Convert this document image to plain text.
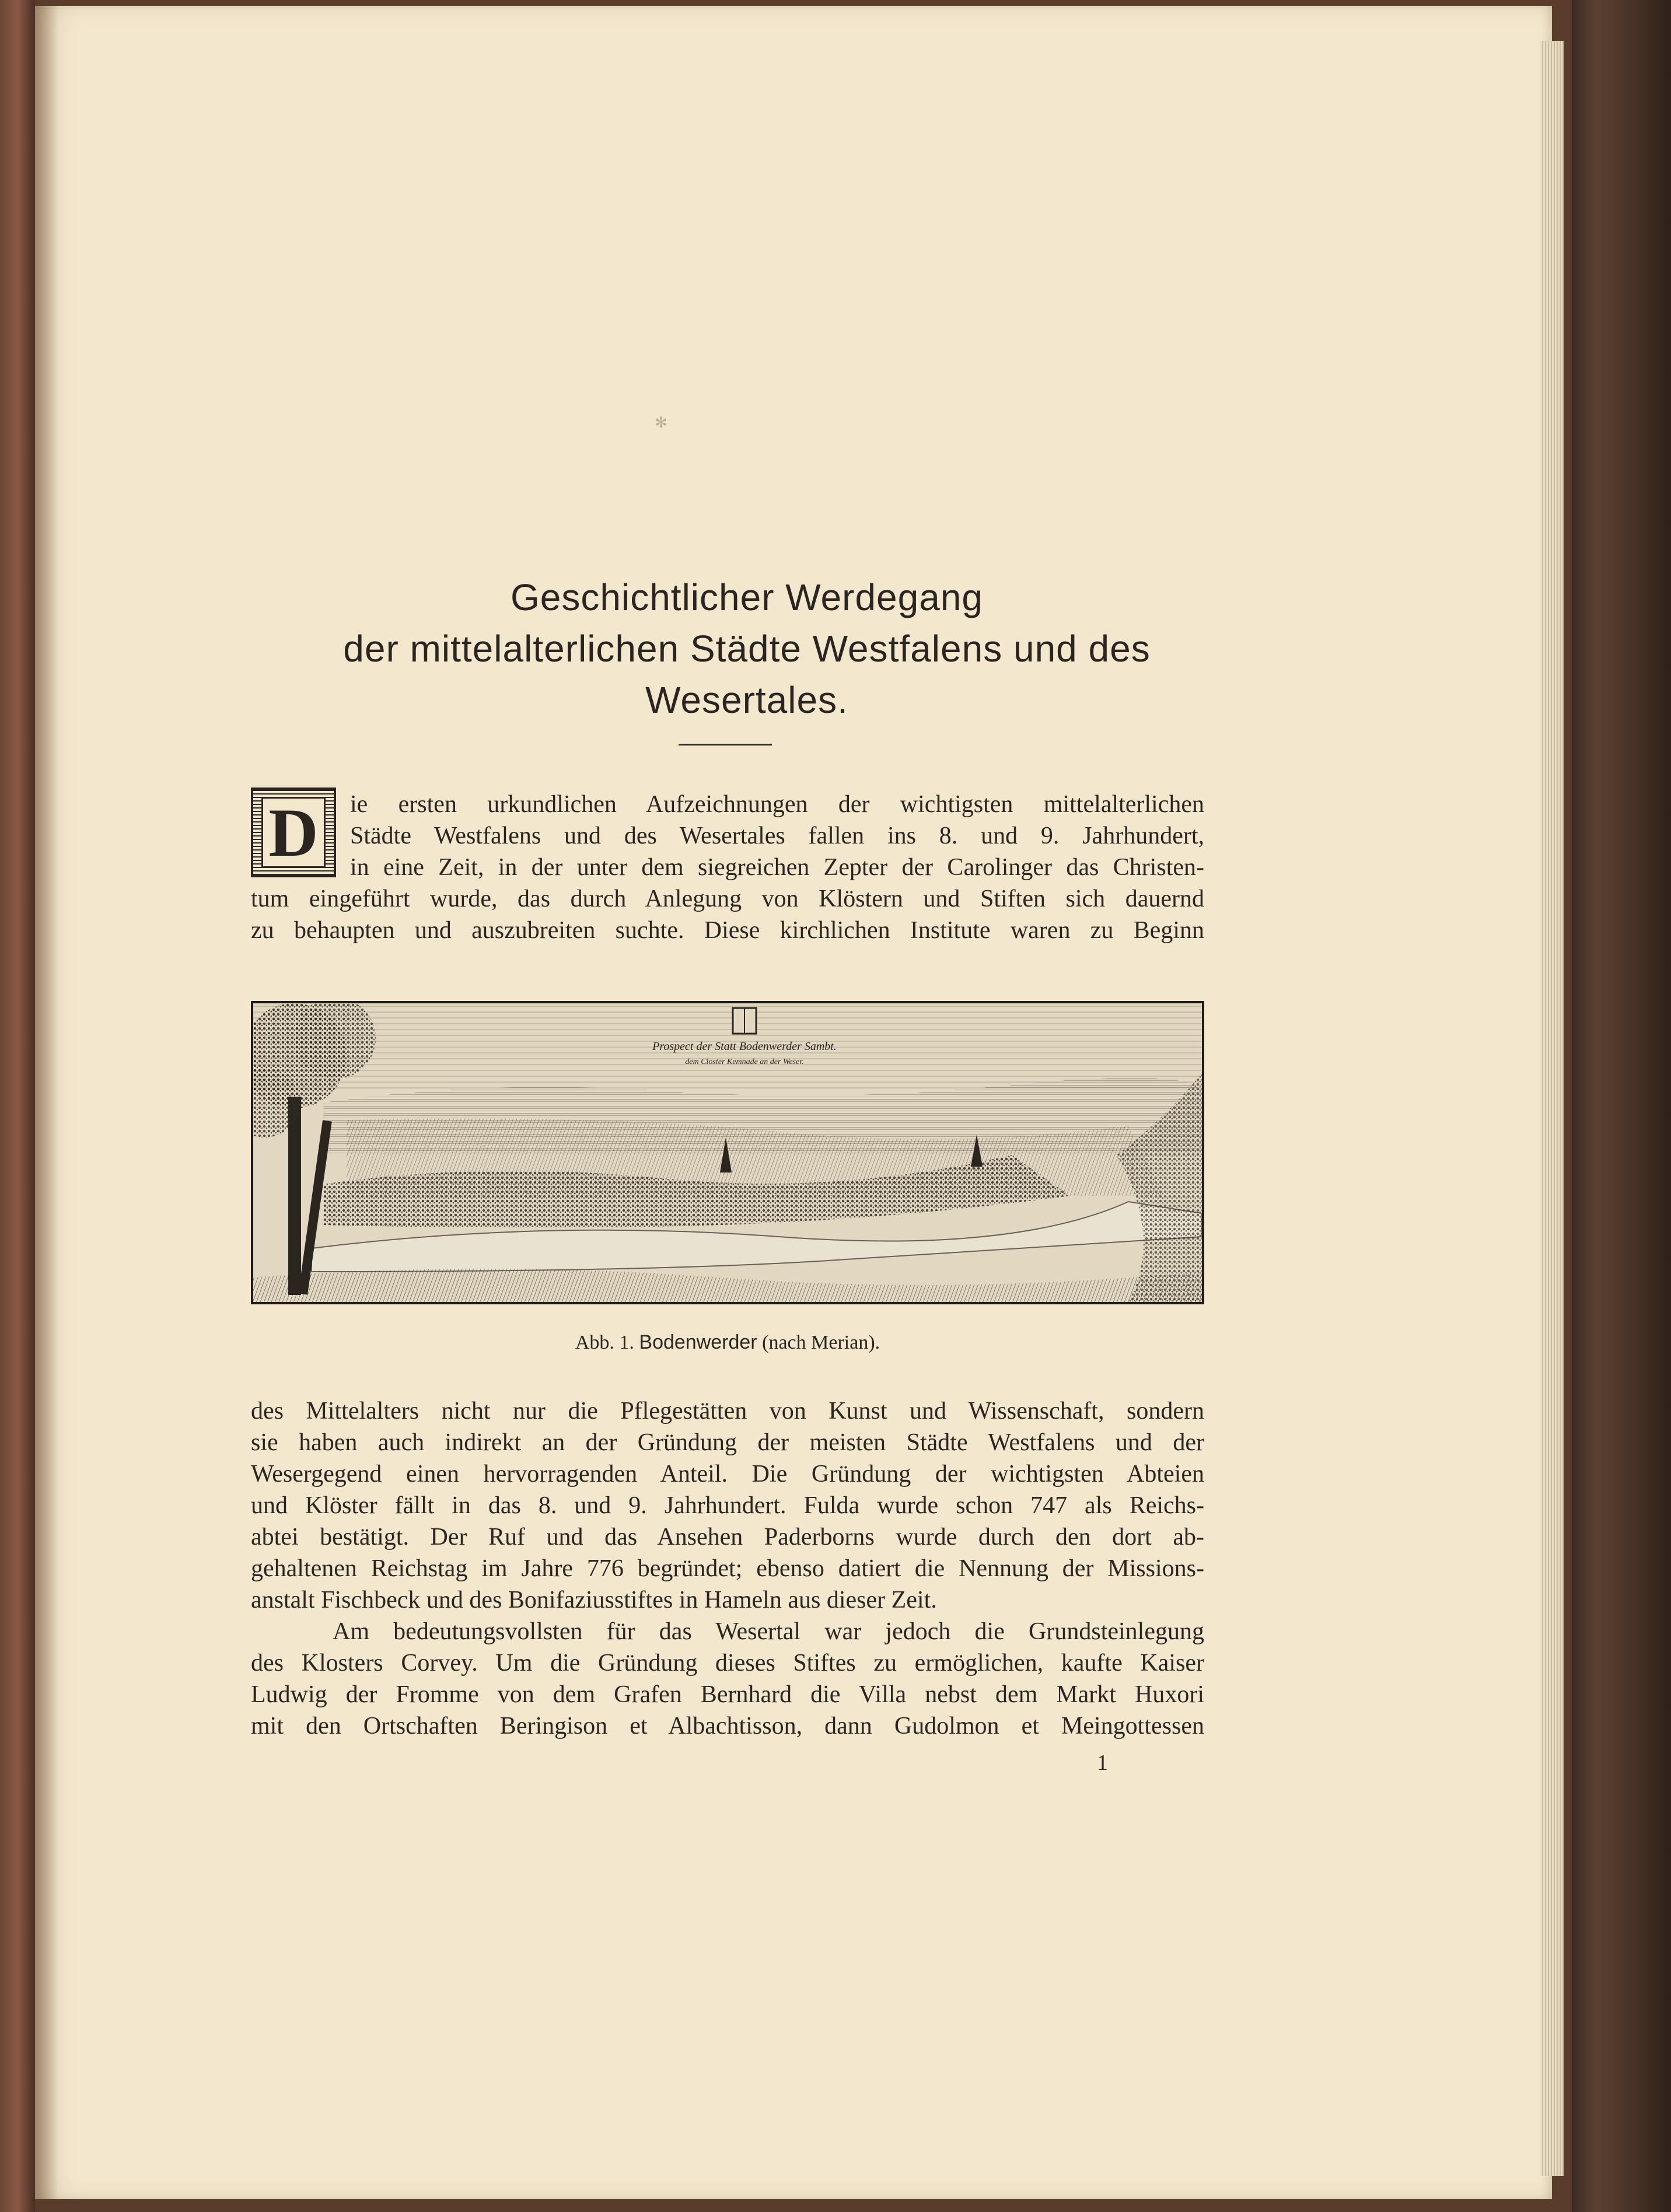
✻
Geschichtlicher Werdegang
der mittelalterlichen Städte Westfalens und des
Wesertales.
D ie ersten urkundlichen Aufzeichnungen der wichtigsten mittelalterlichen
Städte Westfalens und des Wesertales fallen ins 8. und 9. Jahrhundert,
in eine Zeit, in der unter dem siegreichen Zepter der Carolinger das Christen-
tum eingeführt wurde, das durch Anlegung von Klöstern und Stiften sich dauernd
zu behaupten und auszubreiten suchte. Diese kirchlichen Institute waren zu Beginn
Prospect der Statt Bodenwerder Sambt.
dem Closter Kemnade an der Weser.
Abb. 1. Bodenwerder (nach Merian).
des Mittelalters nicht nur die Pflegestätten von Kunst und Wissenschaft, sondern
sie haben auch indirekt an der Gründung der meisten Städte Westfalens und der
Wesergegend einen hervorragenden Anteil. Die Gründung der wichtigsten Abteien
und Klöster fällt in das 8. und 9. Jahrhundert. Fulda wurde schon 747 als Reichs-
abtei bestätigt. Der Ruf und das Ansehen Paderborns wurde durch den dort ab-
gehaltenen Reichstag im Jahre 776 begründet; ebenso datiert die Nennung der Missions-
anstalt Fischbeck und des Bonifaziusstiftes in Hameln aus dieser Zeit.
Am bedeutungsvollsten für das Wesertal war jedoch die Grundsteinlegung
des Klosters Corvey. Um die Gründung dieses Stiftes zu ermöglichen, kaufte Kaiser
Ludwig der Fromme von dem Grafen Bernhard die Villa nebst dem Markt Huxori
mit den Ortschaften Beringison et Albachtisson, dann Gudolmon et Meingottessen
1
